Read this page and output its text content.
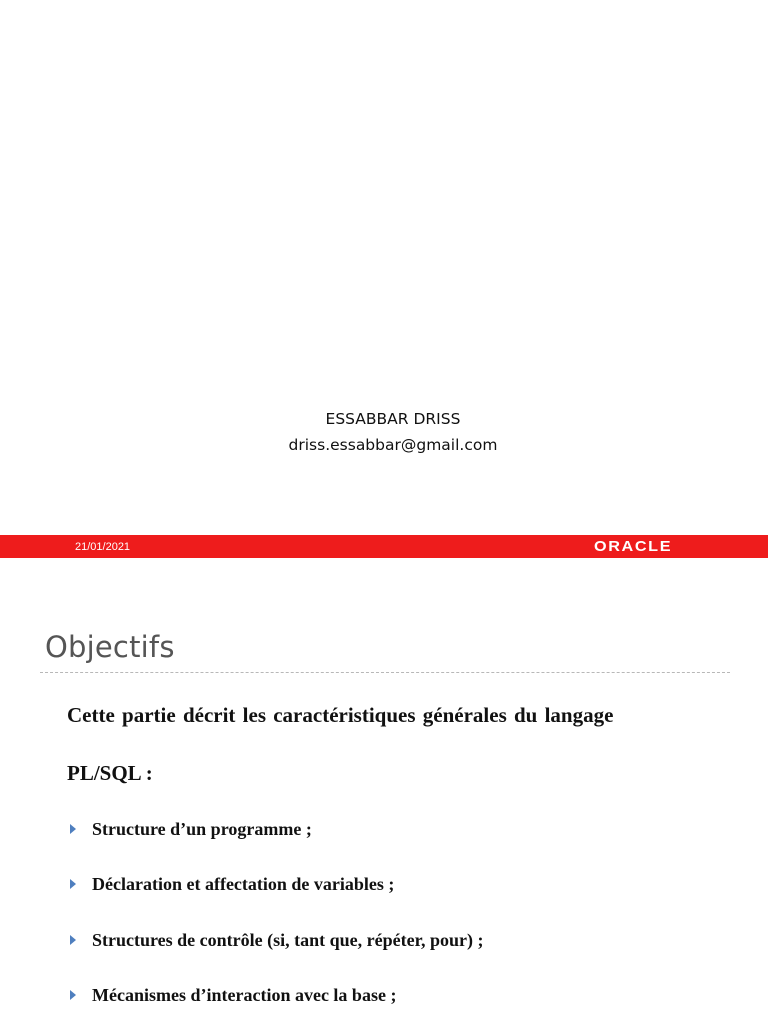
ESSABBAR DRISS
driss.essabbar@gmail.com
21/01/2021	ORACLE
Objectifs

Cette partie décrit les caractéristiques générales du langage

PL/SQL :

Structure d’un programme ;
Déclaration et affectation de variables ;
Structures de contrôle (si, tant que, répéter, pour) ;
Mécanismes d’interaction avec la base ;
